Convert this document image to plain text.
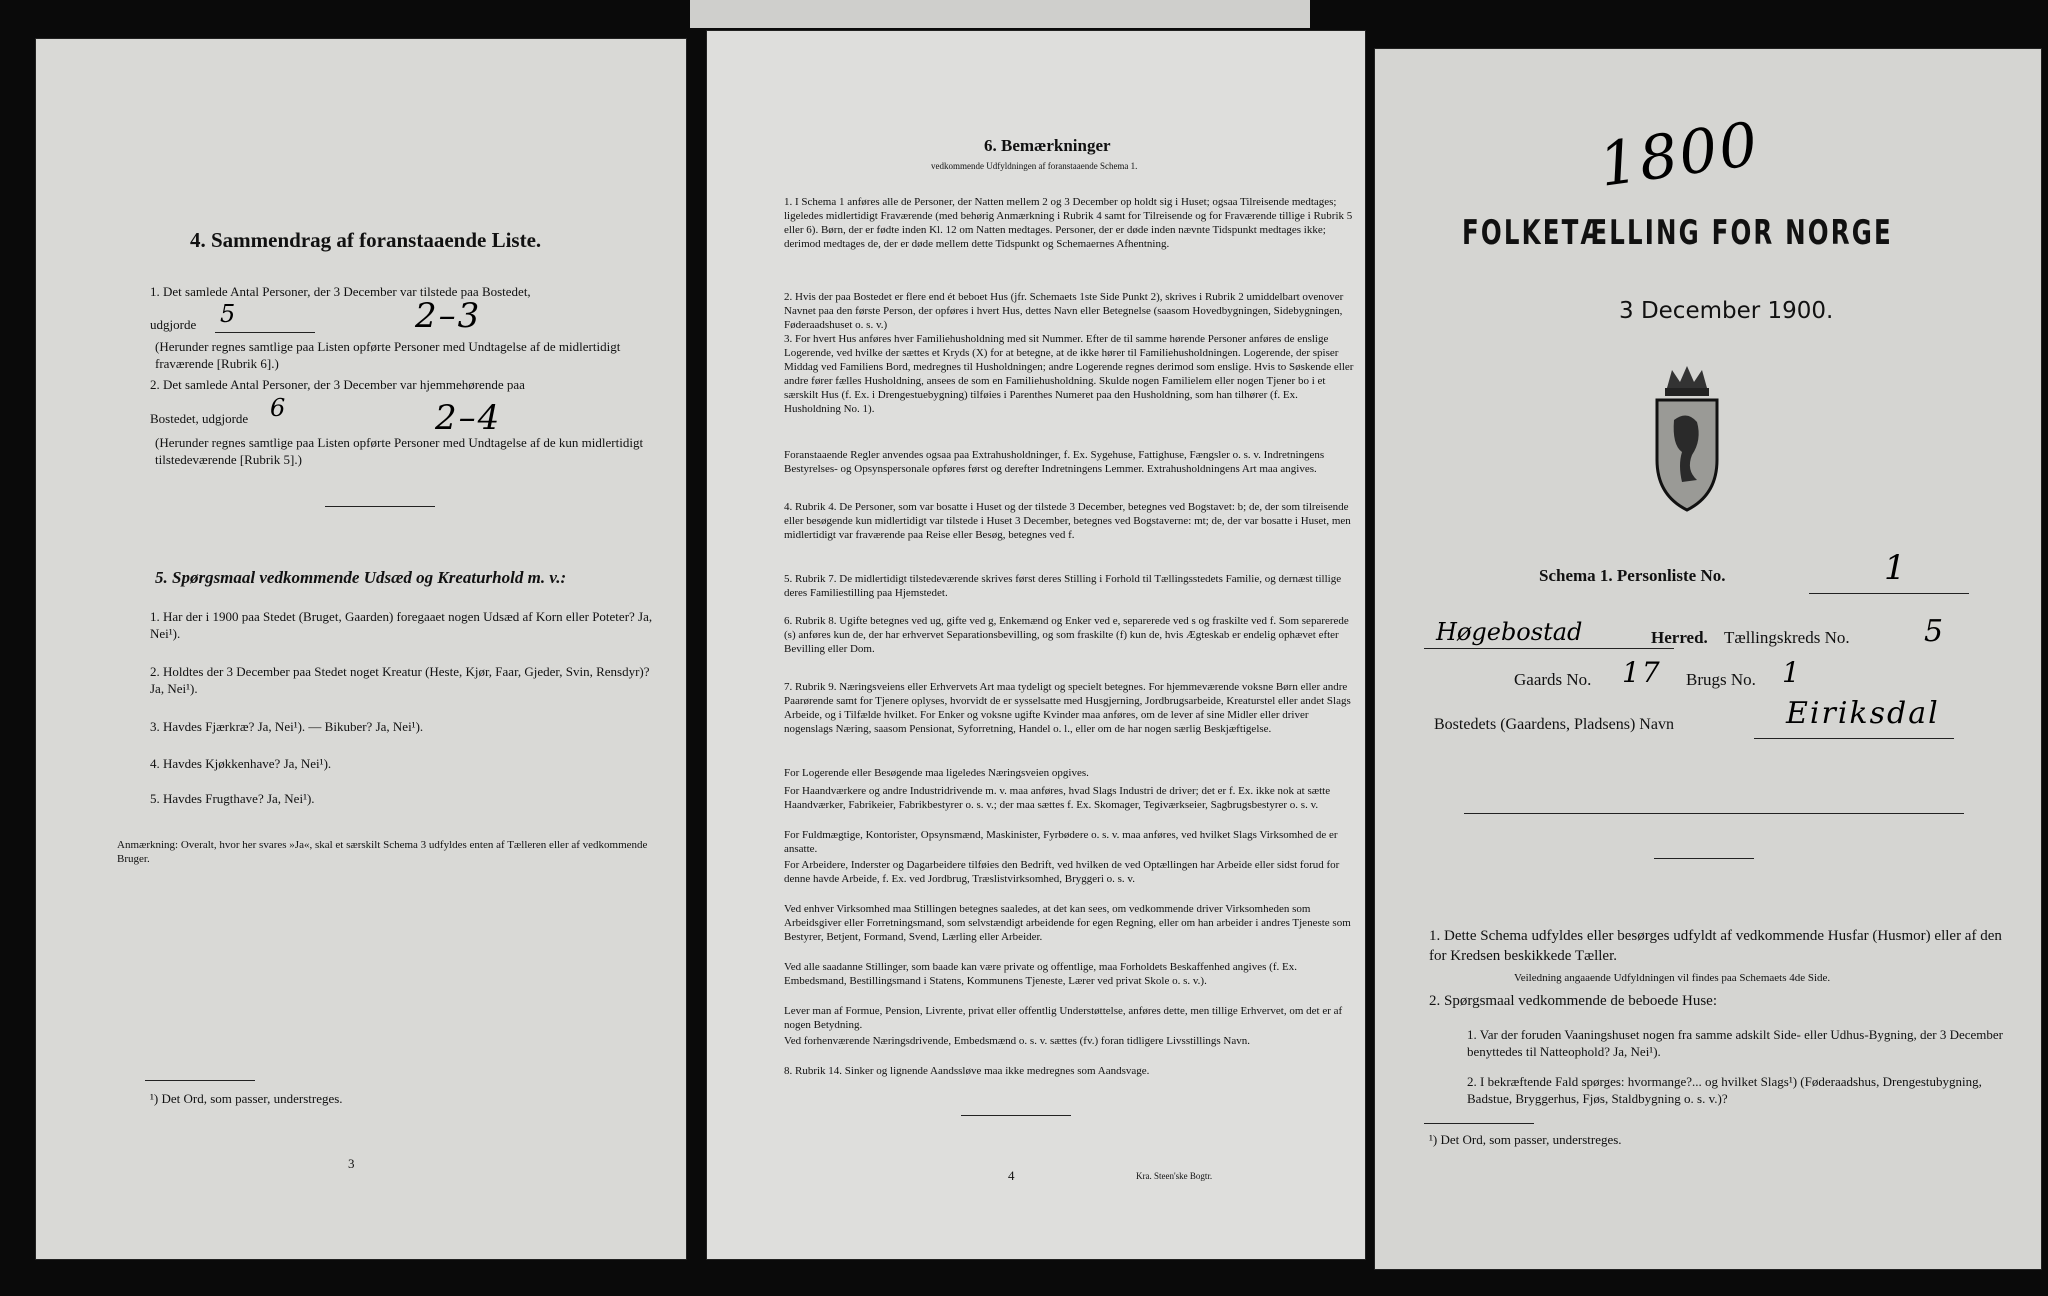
4. Sammendrag af foranstaaende Liste.
1. Det samlede Antal Personer, der 3 December var tilstede paa Bostedet,
udgjorde 5	2–3
(Herunder regnes samtlige paa Listen opførte Personer med Undtagelse af de midlertidigt fraværende [Rubrik 6].)
2. Det samlede Antal Personer, der 3 December var hjemmehørende paa
Bostedet, udgjorde 6	2–4
(Herunder regnes samtlige paa Listen opførte Personer med Undtagelse af de kun midlertidigt tilstedeværende [Rubrik 5].)
5. Spørgsmaal vedkommende Udsæd og Kreaturhold m. v.:
1. Har der i 1900 paa Stedet (Bruget, Gaarden) foregaaet nogen Udsæd af Korn eller Poteter? Ja, Nei¹).
2. Holdtes der 3 December paa Stedet noget Kreatur (Heste, Kjør, Faar, Gjeder, Svin, Rensdyr)? Ja, Nei¹).
3. Havdes Fjærkræ? Ja, Nei¹). — Bikuber? Ja, Nei¹).
4. Havdes Kjøkkenhave? Ja, Nei¹).
5. Havdes Frugthave? Ja, Nei¹).
Anmærkning: Overalt, hvor her svares »Ja«, skal et særskilt Schema 3 udfyldes enten af Tælleren eller af vedkommende Bruger.
¹) Det Ord, som passer, understreges.
3
6. Bemærkninger
vedkommende Udfyldningen af foranstaaende Schema 1.
1. I Schema 1 anføres alle de Personer, der Natten mellem 2 og 3 December op holdt sig i Huset; ogsaa Tilreisende medtages; ligeledes midlertidigt Fraværende (med behørig Anmærkning i Rubrik 4 samt for Tilreisende og for Fraværende tillige i Rubrik 5 eller 6). Børn, der er fødte inden Kl. 12 om Natten medtages. Personer, der er døde inden nævnte Tidspunkt medtages ikke; derimod medtages de, der er døde mellem dette Tidspunkt og Schemaernes Afhentning.
2. Hvis der paa Bostedet er flere end ét beboet Hus (jfr. Schemaets 1ste Side Punkt 2), skrives i Rubrik 2 umiddelbart ovenover Navnet paa den første Person, der opføres i hvert Hus, dettes Navn eller Betegnelse (saasom Hovedbygningen, Sidebygningen, Føderaadshuset o. s. v.)
3. For hvert Hus anføres hver Familiehusholdning med sit Nummer. Efter de til samme hørende Personer anføres de enslige Logerende, ved hvilke der sættes et Kryds (X) for at betegne, at de ikke hører til Familiehusholdningen. Logerende, der spiser Middag ved Familiens Bord, medregnes til Husholdningen; andre Logerende regnes derimod som enslige. Hvis to Søskende eller andre fører fælles Husholdning, ansees de som en Familiehusholdning. Skulde nogen Familielem eller nogen Tjener bo i et særskilt Hus (f. Ex. i Drengestuebygning) tilføies i Parenthes Numeret paa den Husholdning, som han tilhører (f. Ex. Husholdning No. 1).
Foranstaaende Regler anvendes ogsaa paa Extrahusholdninger, f. Ex. Sygehuse, Fattighuse, Fængsler o. s. v. Indretningens Bestyrelses- og Opsynspersonale opføres først og derefter Indretningens Lemmer. Extrahusholdningens Art maa angives.
4. Rubrik 4. De Personer, som var bosatte i Huset og der tilstede 3 December, betegnes ved Bogstavet: b; de, der som tilreisende eller besøgende kun midlertidigt var tilstede i Huset 3 December, betegnes ved Bogstaverne: mt; de, der var bosatte i Huset, men midlertidigt var fraværende paa Reise eller Besøg, betegnes ved f.
5. Rubrik 7. De midlertidigt tilstedeværende skrives først deres Stilling i Forhold til Tællingsstedets Familie, og dernæst tillige deres Familiestilling paa Hjemstedet.
6. Rubrik 8. Ugifte betegnes ved ug, gifte ved g, Enkemænd og Enker ved e, separerede ved s og fraskilte ved f. Som separerede (s) anføres kun de, der har erhvervet Separationsbevilling, og som fraskilte (f) kun de, hvis Ægteskab er endelig ophævet efter Bevilling eller Dom.
7. Rubrik 9. Næringsveiens eller Erhvervets Art maa tydeligt og specielt betegnes. For hjemmeværende voksne Børn eller andre Paarørende samt for Tjenere oplyses, hvorvidt de er sysselsatte med Husgjerning, Jordbrugsarbeide, Kreaturstel eller andet Slags Arbeide, og i Tilfælde hvilket. For Enker og voksne ugifte Kvinder maa anføres, om de lever af sine Midler eller driver nogenslags Næring, saasom Pensionat, Syforretning, Handel o. l., eller om de har nogen særlig Beskjæftigelse.
For Logerende eller Besøgende maa ligeledes Næringsveien opgives.
For Haandværkere og andre Industridrivende m. v. maa anføres, hvad Slags Industri de driver; det er f. Ex. ikke nok at sætte Haandværker, Fabrikeier, Fabrikbestyrer o. s. v.; der maa sættes f. Ex. Skomager, Tegiværkseier, Sagbrugsbestyrer o. s. v.
For Fuldmægtige, Kontorister, Opsynsmænd, Maskinister, Fyrbødere o. s. v. maa anføres, ved hvilket Slags Virksomhed de er ansatte.
For Arbeidere, Inderster og Dagarbeidere tilføies den Bedrift, ved hvilken de ved Optællingen har Arbeide eller sidst forud for denne havde Arbeide, f. Ex. ved Jordbrug, Træslistvirksomhed, Bryggeri o. s. v.
Ved enhver Virksomhed maa Stillingen betegnes saaledes, at det kan sees, om vedkommende driver Virksomheden som Arbeidsgiver eller Forretningsmand, som selvstændigt arbeidende for egen Regning, eller om han arbeider i andres Tjeneste som Bestyrer, Betjent, Formand, Svend, Lærling eller Arbeider.
Ved alle saadanne Stillinger, som baade kan være private og offentlige, maa Forholdets Beskaffenhed angives (f. Ex. Embedsmand, Bestillingsmand i Statens, Kommunens Tjeneste, Lærer ved privat Skole o. s. v.).
Lever man af Formue, Pension, Livrente, privat eller offentlig Understøttelse, anføres dette, men tillige Erhvervet, om det er af nogen Betydning.
Ved forhenværende Næringsdrivende, Embedsmænd o. s. v. sættes (fv.) foran tidligere Livsstillings Navn.
8. Rubrik 14. Sinker og lignende Aandssløve maa ikke medregnes som Aandsvage.
4	Kra. Steen'ske Bogtr.
1800
FOLKETÆLLING FOR NORGE
3 December 1900.
Schema 1. Personliste No.	1
Høgebostad	Herred. Tællingskreds No. 5
Gaards No. 17 Brugs No. 1
Bostedets (Gaardens, Pladsens) Navn	Eiriksdal
1. Dette Schema udfyldes eller besørges udfyldt af vedkommende Husfar (Husmor) eller af den for Kredsen beskikkede Tæller.
Veiledning angaaende Udfyldningen vil findes paa Schemaets 4de Side.
2. Spørgsmaal vedkommende de beboede Huse:
1. Var der foruden Vaaningshuset nogen fra samme adskilt Side- eller Udhus-Bygning, der 3 December benyttedes til Natteophold? Ja, Nei¹).
2. I bekræftende Fald spørges: hvormange?... og hvilket Slags¹) (Føderaadshus, Drengestubygning, Badstue, Bryggerhus, Fjøs, Staldbygning o. s. v.)?
¹) Det Ord, som passer, understreges.
